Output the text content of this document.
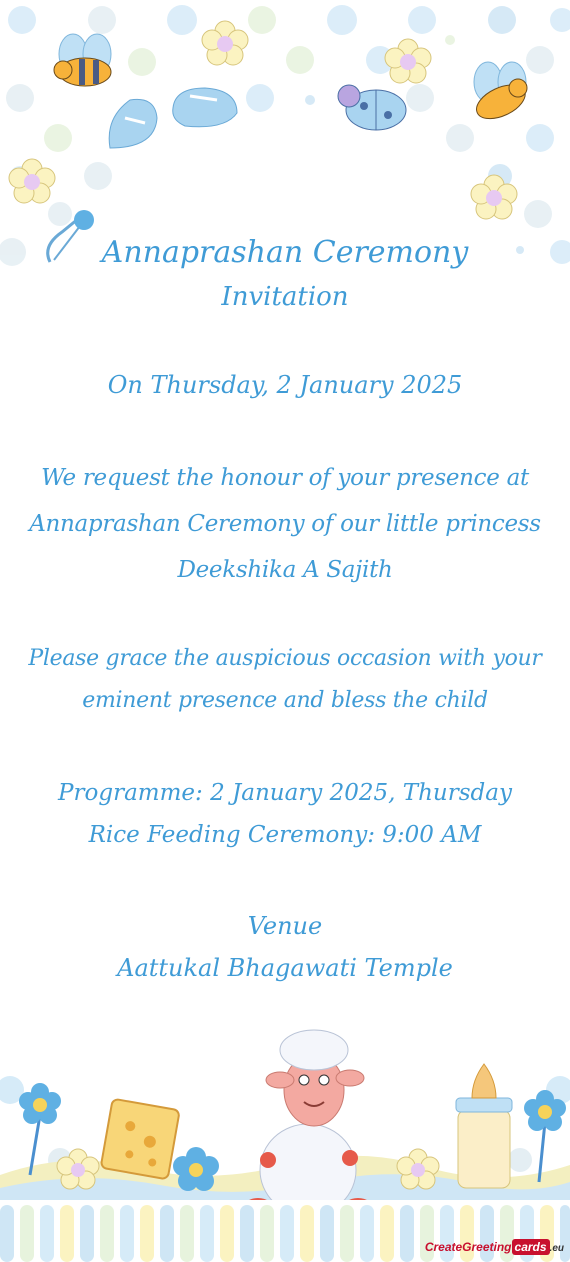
Annaprashan Ceremony
Invitation
On Thursday, 2 January 2025
We request the honour of your presence at
Annaprashan Ceremony of our little princess
Deekshika A Sajith
Please grace the auspicious occasion with your
eminent presence and bless the child
Programme: 2 January 2025, Thursday
Rice Feeding Ceremony: 9:00 AM
Venue
Aattukal Bhagawati Temple
CreateGreeting cards .eu
